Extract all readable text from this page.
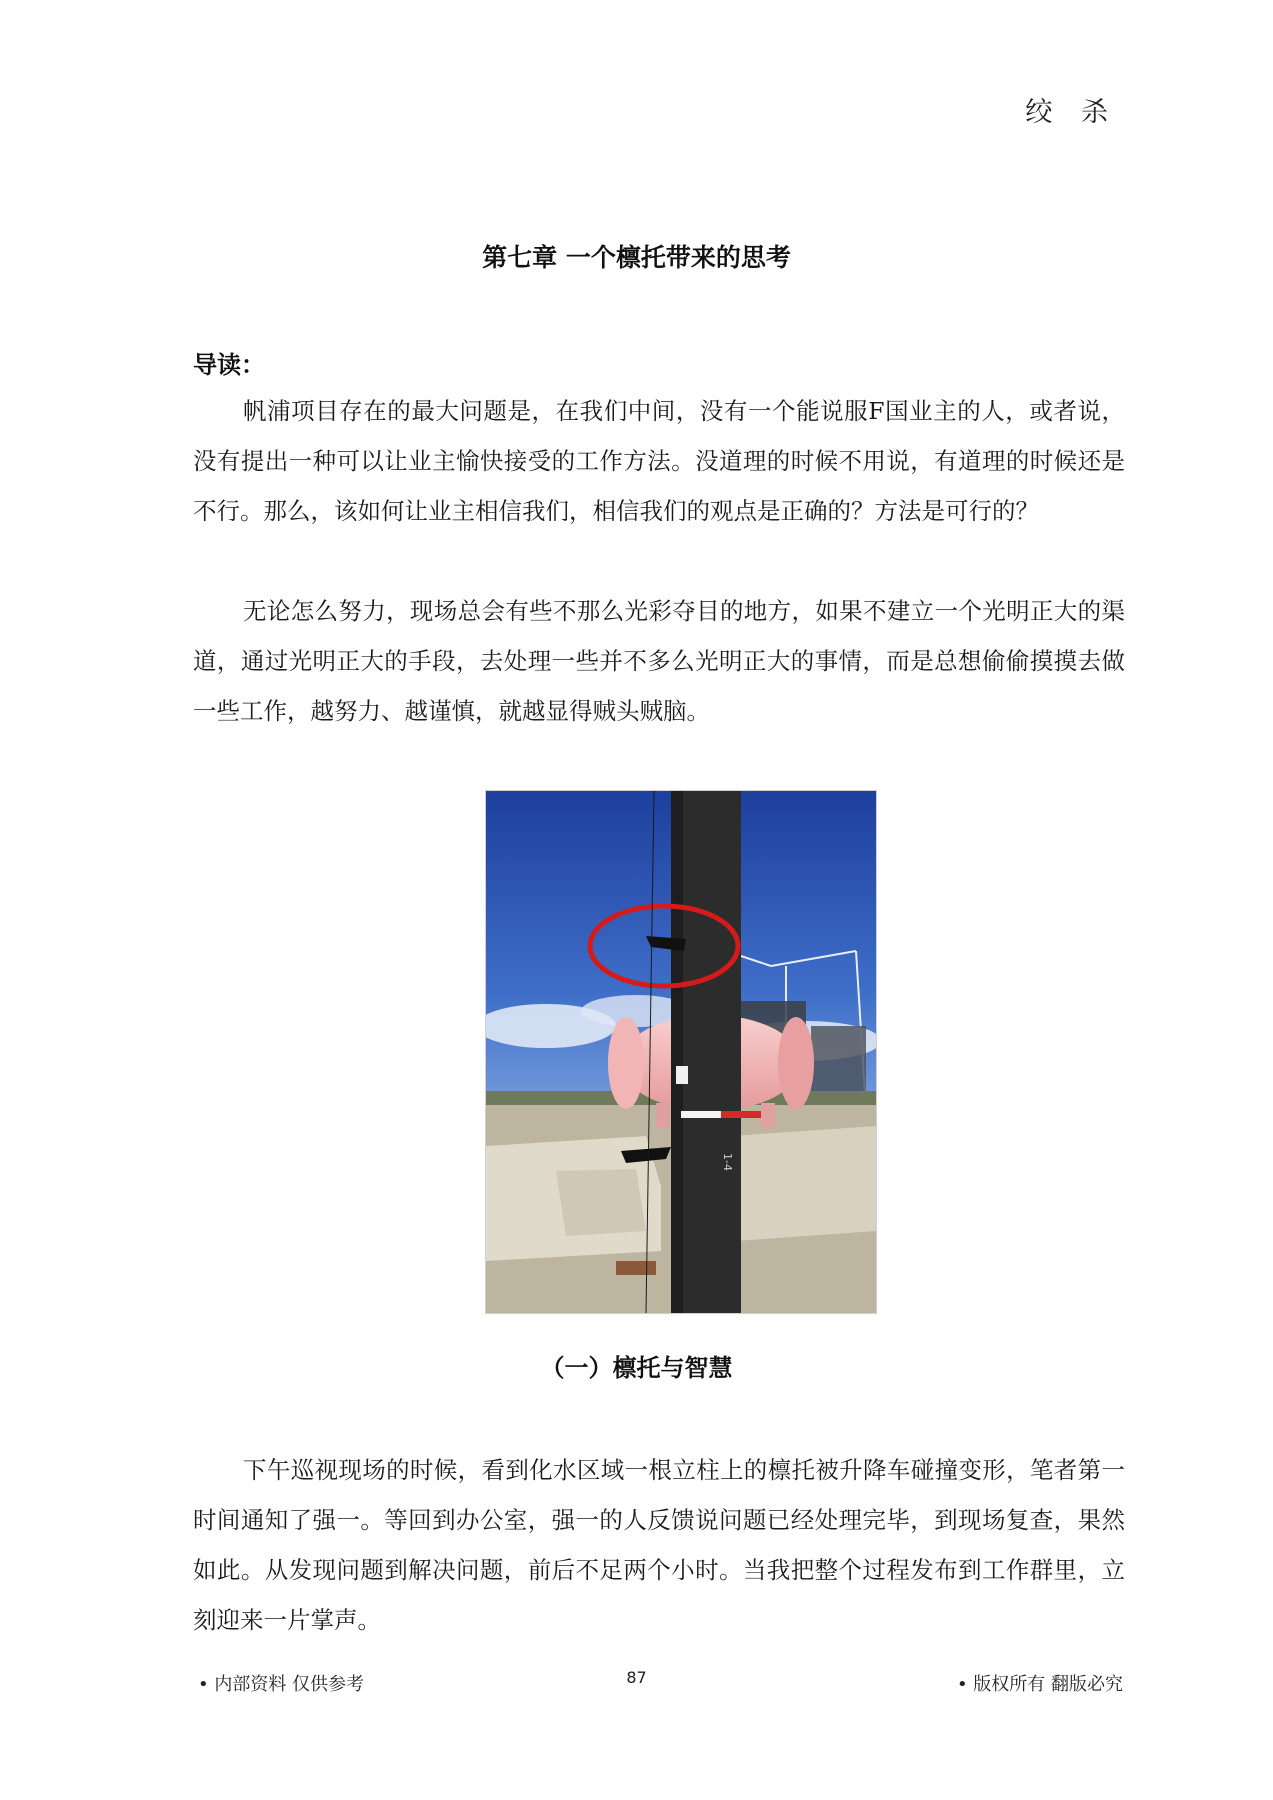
绞 杀
第七章 一个檩托带来的思考
导读：

帆浦项目存在的最大问题是，在我们中间，没有一个能说服F国业主的人，或者说，没有提出一种可以让业主愉快接受的工作方法。没道理的时候不用说，有道理的时候还是不行。那么，该如何让业主相信我们，相信我们的观点是正确的？方法是可行的？

无论怎么努力，现场总会有些不那么光彩夺目的地方，如果不建立一个光明正大的渠道，通过光明正大的手段，去处理一些并不多么光明正大的事情，而是总想偷偷摸摸去做一些工作，越努力、越谨慎，就越显得贼头贼脑。

1-4
（一）檩托与智慧

下午巡视现场的时候，看到化水区域一根立柱上的檩托被升降车碰撞变形，笔者第一时间通知了强一。等回到办公室，强一的人反馈说问题已经处理完毕，到现场复查，果然如此。从发现问题到解决问题，前后不足两个小时。当我把整个过程发布到工作群里，立刻迎来一片掌声。

• 内部资料 仅供参考	87	• 版权所有 翻版必究
